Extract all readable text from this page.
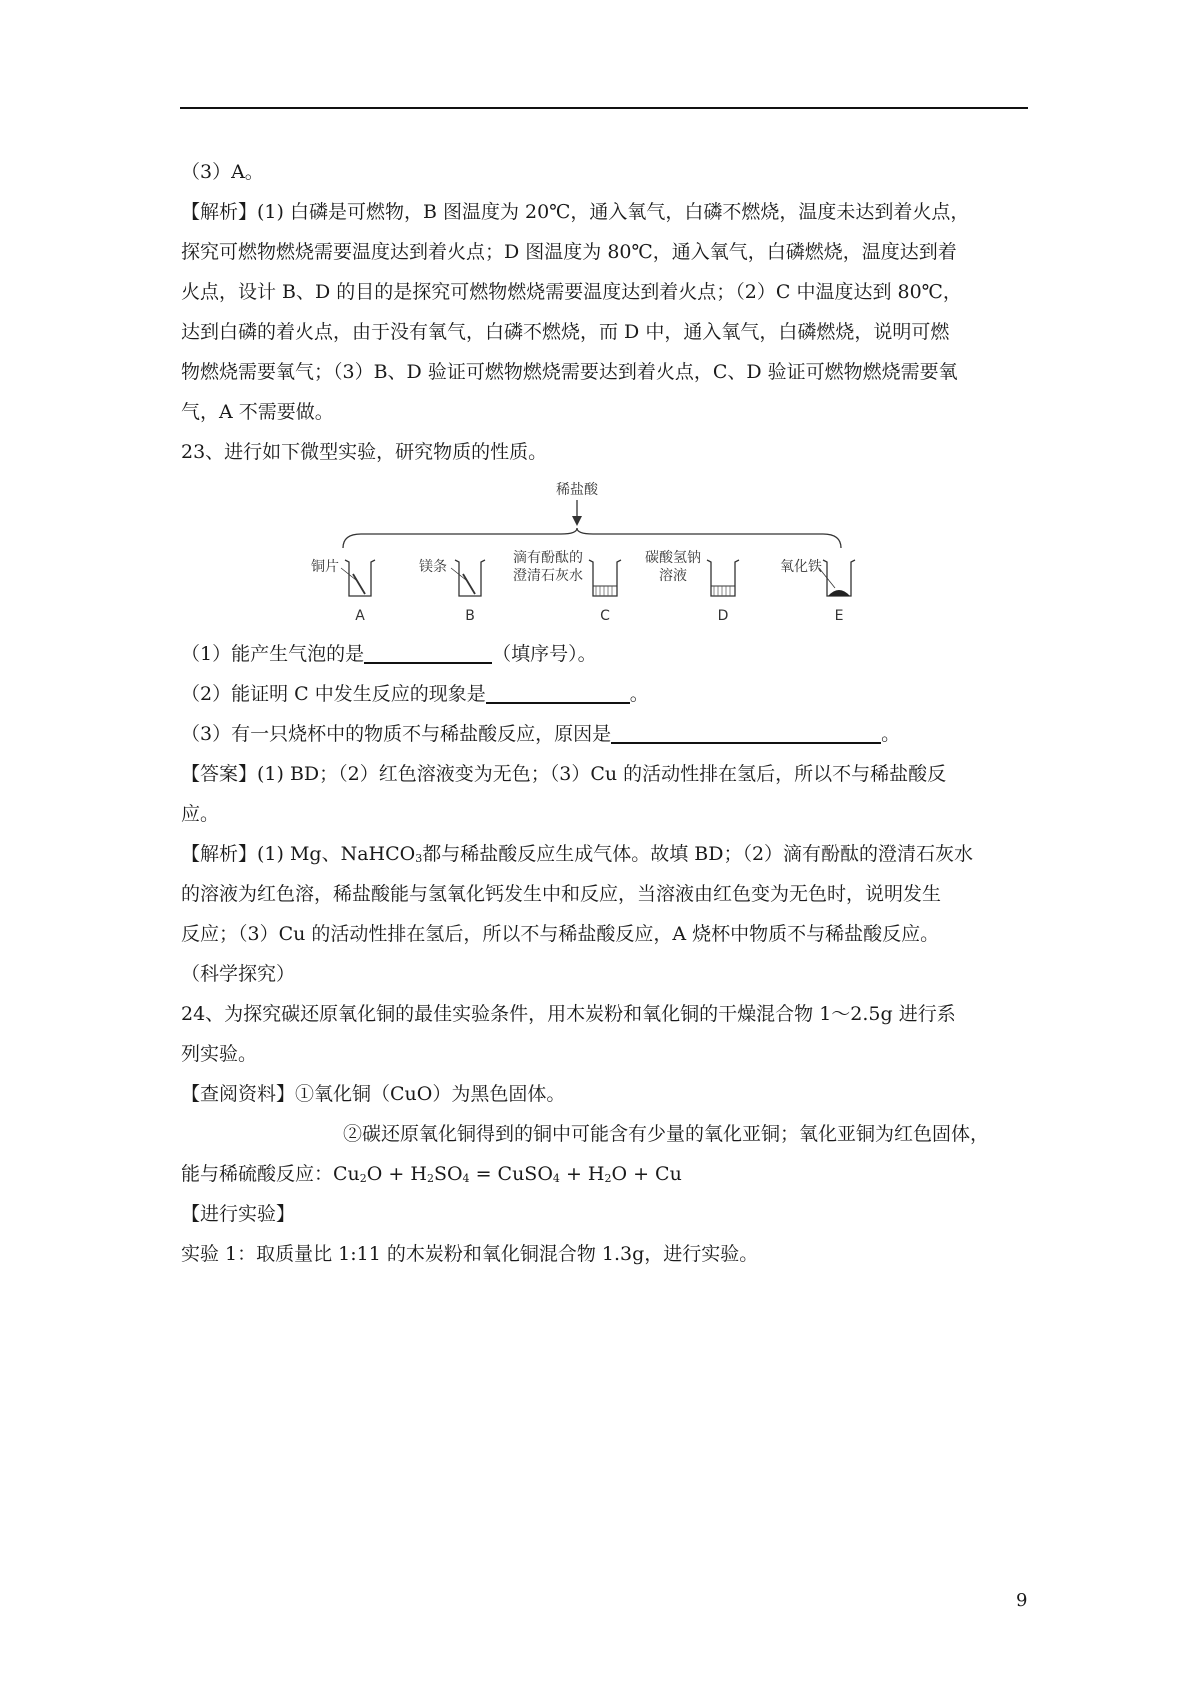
（3）A。

【解析】(1) 白磷是可燃物，B 图温度为 20℃，通入氧气，白磷不燃烧，温度未达到着火点，

探究可燃物燃烧需要温度达到着火点；D 图温度为 80℃，通入氧气，白磷燃烧，温度达到着

火点，设计 B、D 的目的是探究可燃物燃烧需要温度达到着火点；（2）C 中温度达到 80℃，

达到白磷的着火点，由于没有氧气，白磷不燃烧，而 D 中，通入氧气，白磷燃烧，说明可燃

物燃烧需要氧气；（3）B、D 验证可燃物燃烧需要达到着火点，C、D 验证可燃物燃烧需要氧

气，A 不需要做。

23、进行如下微型实验，研究物质的性质。

稀盐酸
铜片
A
镁条
B
滴有酚酞的
澄清石灰水
C
碳酸氢钠
溶液
D
氧化铁
E

（1）能产生气泡的是	（填序号）。

（2）能证明 C 中发生反应的现象是	。

（3）有一只烧杯中的物质不与稀盐酸反应，原因是	。

【答案】(1) BD；（2）红色溶液变为无色；（3）Cu 的活动性排在氢后，所以不与稀盐酸反

应。

【解析】(1) Mg、NaHCO$_3$都与稀盐酸反应生成气体。故填 BD；（2）滴有酚酞的澄清石灰水

的溶液为红色溶，稀盐酸能与氢氧化钙发生中和反应，当溶液由红色变为无色时，说明发生

反应；（3）Cu 的活动性排在氢后，所以不与稀盐酸反应，A 烧杯中物质不与稀盐酸反应。

（科学探究）

24、为探究碳还原氧化铜的最佳实验条件，用木炭粉和氧化铜的干燥混合物 1～2.5g 进行系

列实验。

【查阅资料】①氧化铜（CuO）为黑色固体。

②碳还原氧化铜得到的铜中可能含有少量的氧化亚铜；氧化亚铜为红色固体，

能与稀硫酸反应：$Cu_2O + H_2SO_4$ = CuSO$_4$ + $H_2O + Cu$

【进行实验】

实验 1：取质量比 1:11 的木炭粉和氧化铜混合物 1.3g，进行实验。

9
